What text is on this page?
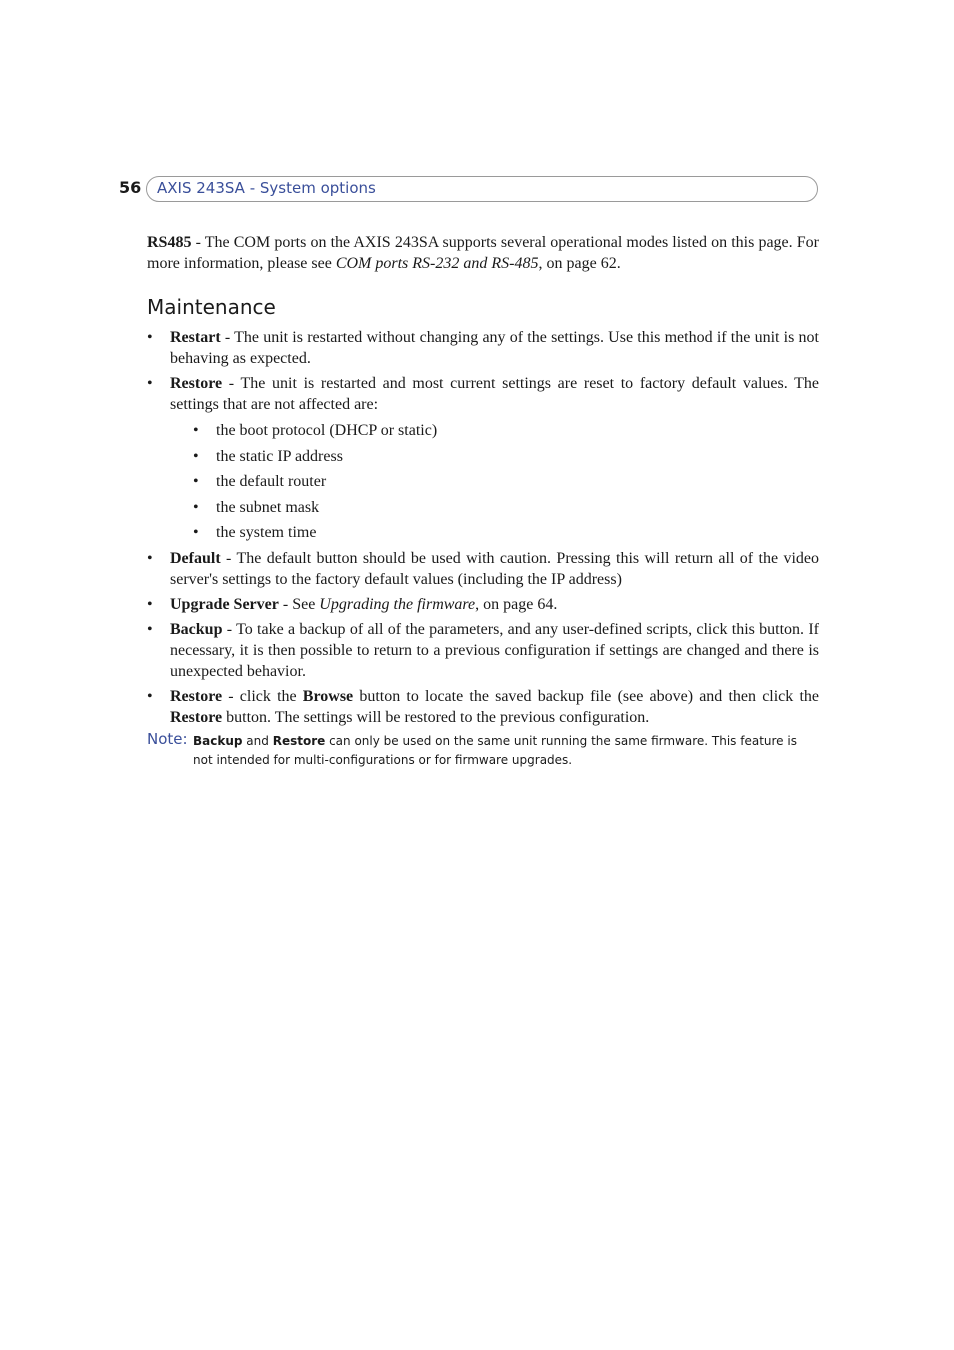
56 AXIS 243SA - System options

RS485 - The COM ports on the AXIS 243SA supports several operational modes listed on this page. For more information, please see COM ports RS-232 and RS-485, on page 62.

Maintenance
• Restart - The unit is restarted without changing any of the settings. Use this method if the unit is not behaving as expected.
• Restore - The unit is restarted and most current settings are reset to factory default values. The settings that are not affected are:
• the boot protocol (DHCP or static)
• the static IP address
• the default router
• the subnet mask
• the system time
• Default - The default button should be used with caution. Pressing this will return all of the video server's settings to the factory default values (including the IP address)
• Upgrade Server - See Upgrading the firmware, on page 64.
• Backup - To take a backup of all of the parameters, and any user-defined scripts, click this button. If necessary, it is then possible to return to a previous configuration if settings are changed and there is unexpected behavior.
• Restore - click the Browse button to locate the saved backup file (see above) and then click the Restore button. The settings will be restored to the previous configuration.
Note: Backup and Restore can only be used on the same unit running the same firmware. This feature is not intended for multi-configurations or for firmware upgrades.
